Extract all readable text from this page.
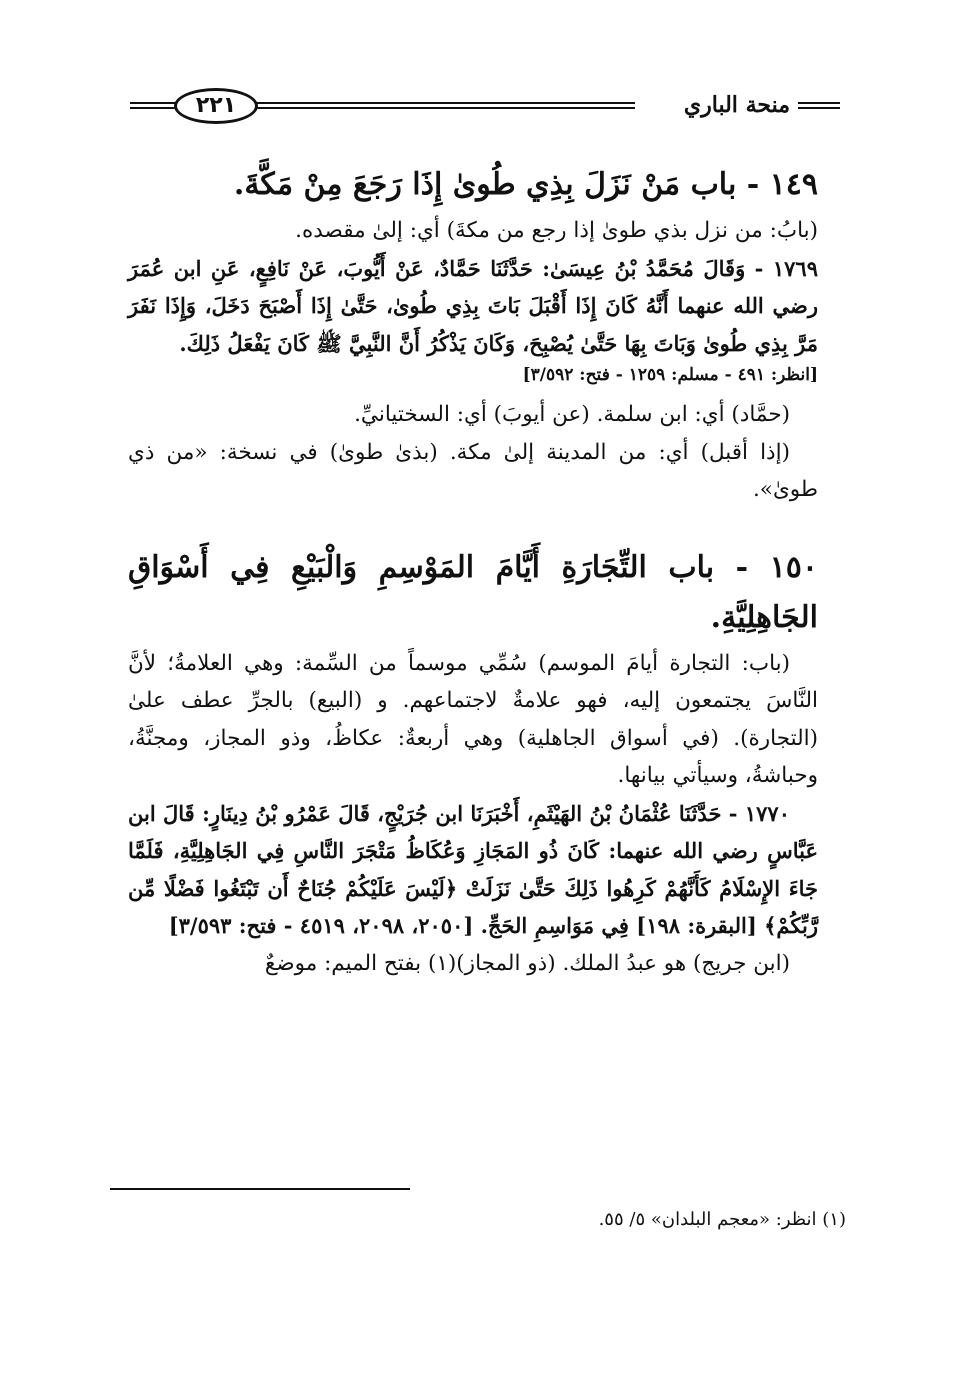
منحة الباري
٢٢١

١٤٩ - باب مَنْ نَزَلَ بِذِي طُوىٰ إِذَا رَجَعَ مِنْ مَكَّةَ.

(بابُ: من نزل بذي طوىٰ إذا رجع من مكةَ) أي: إلىٰ مقصده.

١٧٦٩ - وَقَالَ مُحَمَّدُ بْنُ عِيسَىٰ: حَدَّثَنَا حَمَّادٌ، عَنْ أَيُّوبَ، عَنْ نَافِعٍ، عَنِ ابن عُمَرَ رضي الله عنهما أَنَّهُ كَانَ إِذَا أَقْبَلَ بَاتَ بِذِي طُوىٰ، حَتَّىٰ إِذَا أَصْبَحَ دَخَلَ، وَإِذَا نَفَرَ مَرَّ بِذِي طُوىٰ وَبَاتَ بِهَا حَتَّىٰ يُصْبِحَ، وَكَانَ يَذْكُرُ أَنَّ النَّبِيَّ ﷺ كَانَ يَفْعَلُ ذَلِكَ.

[انظر: ٤٩١ - مسلم: ١٢٥٩ - فتح: ٣/٥٩٢]

(حمَّاد) أي: ابن سلمة. (عن أيوبَ) أي: السختيانيِّ.

(إذا أقبل) أي: من المدينة إلىٰ مكة. (بذىٰ طوىٰ) في نسخة: «من ذي طوىٰ».

١٥٠ - باب التِّجَارَةِ أَيَّامَ المَوْسِمِ وَالْبَيْعِ فِي أَسْوَاقِ الجَاهِلِيَّةِ.

(باب: التجارة أيامَ الموسم) سُمِّي موسماً من السِّمة: وهي العلامةُ؛ لأنَّ النَّاسَ يجتمعون إليه، فهو علامةٌ لاجتماعهم. و (البيع) بالجرِّ عطف علىٰ (التجارة). (في أسواق الجاهلية) وهي أربعةٌ: عكاظُ، وذو المجاز، ومجنَّةُ، وحباشةُ، وسيأتي بيانها.

١٧٧٠ - حَدَّثَنَا عُثْمَانُ بْنُ الهَيْثَمِ، أَخْبَرَنَا ابن جُرَيْجٍ، قَالَ عَمْرُو بْنُ دِينَارٍ: قَالَ ابن عَبَّاسٍ رضي الله عنهما: كَانَ ذُو المَجَازِ وَعُكَاظُ مَتْجَرَ النَّاسِ فِي الجَاهِلِيَّةِ، فَلَمَّا جَاءَ الإِسْلَامُ كَأَنَّهُمْ كَرِهُوا ذَلِكَ حَتَّىٰ نَزَلَتْ ﴿لَيْسَ عَلَيْكُمْ جُنَاحٌ أَن تَبْتَغُوا فَضْلًا مِّن رَّبِّكُمْ﴾ [البقرة: ١٩٨] فِي مَوَاسِمِ الحَجِّ. [٢٠٥٠، ٢٠٩٨، ٤٥١٩ - فتح: ٣/٥٩٣]

(ابن جريج) هو عبدُ الملك. (ذو المجاز)(١) بفتح الميم: موضعٌ

(١) انظر: «معجم البلدان» ٥/ ٥٥.
